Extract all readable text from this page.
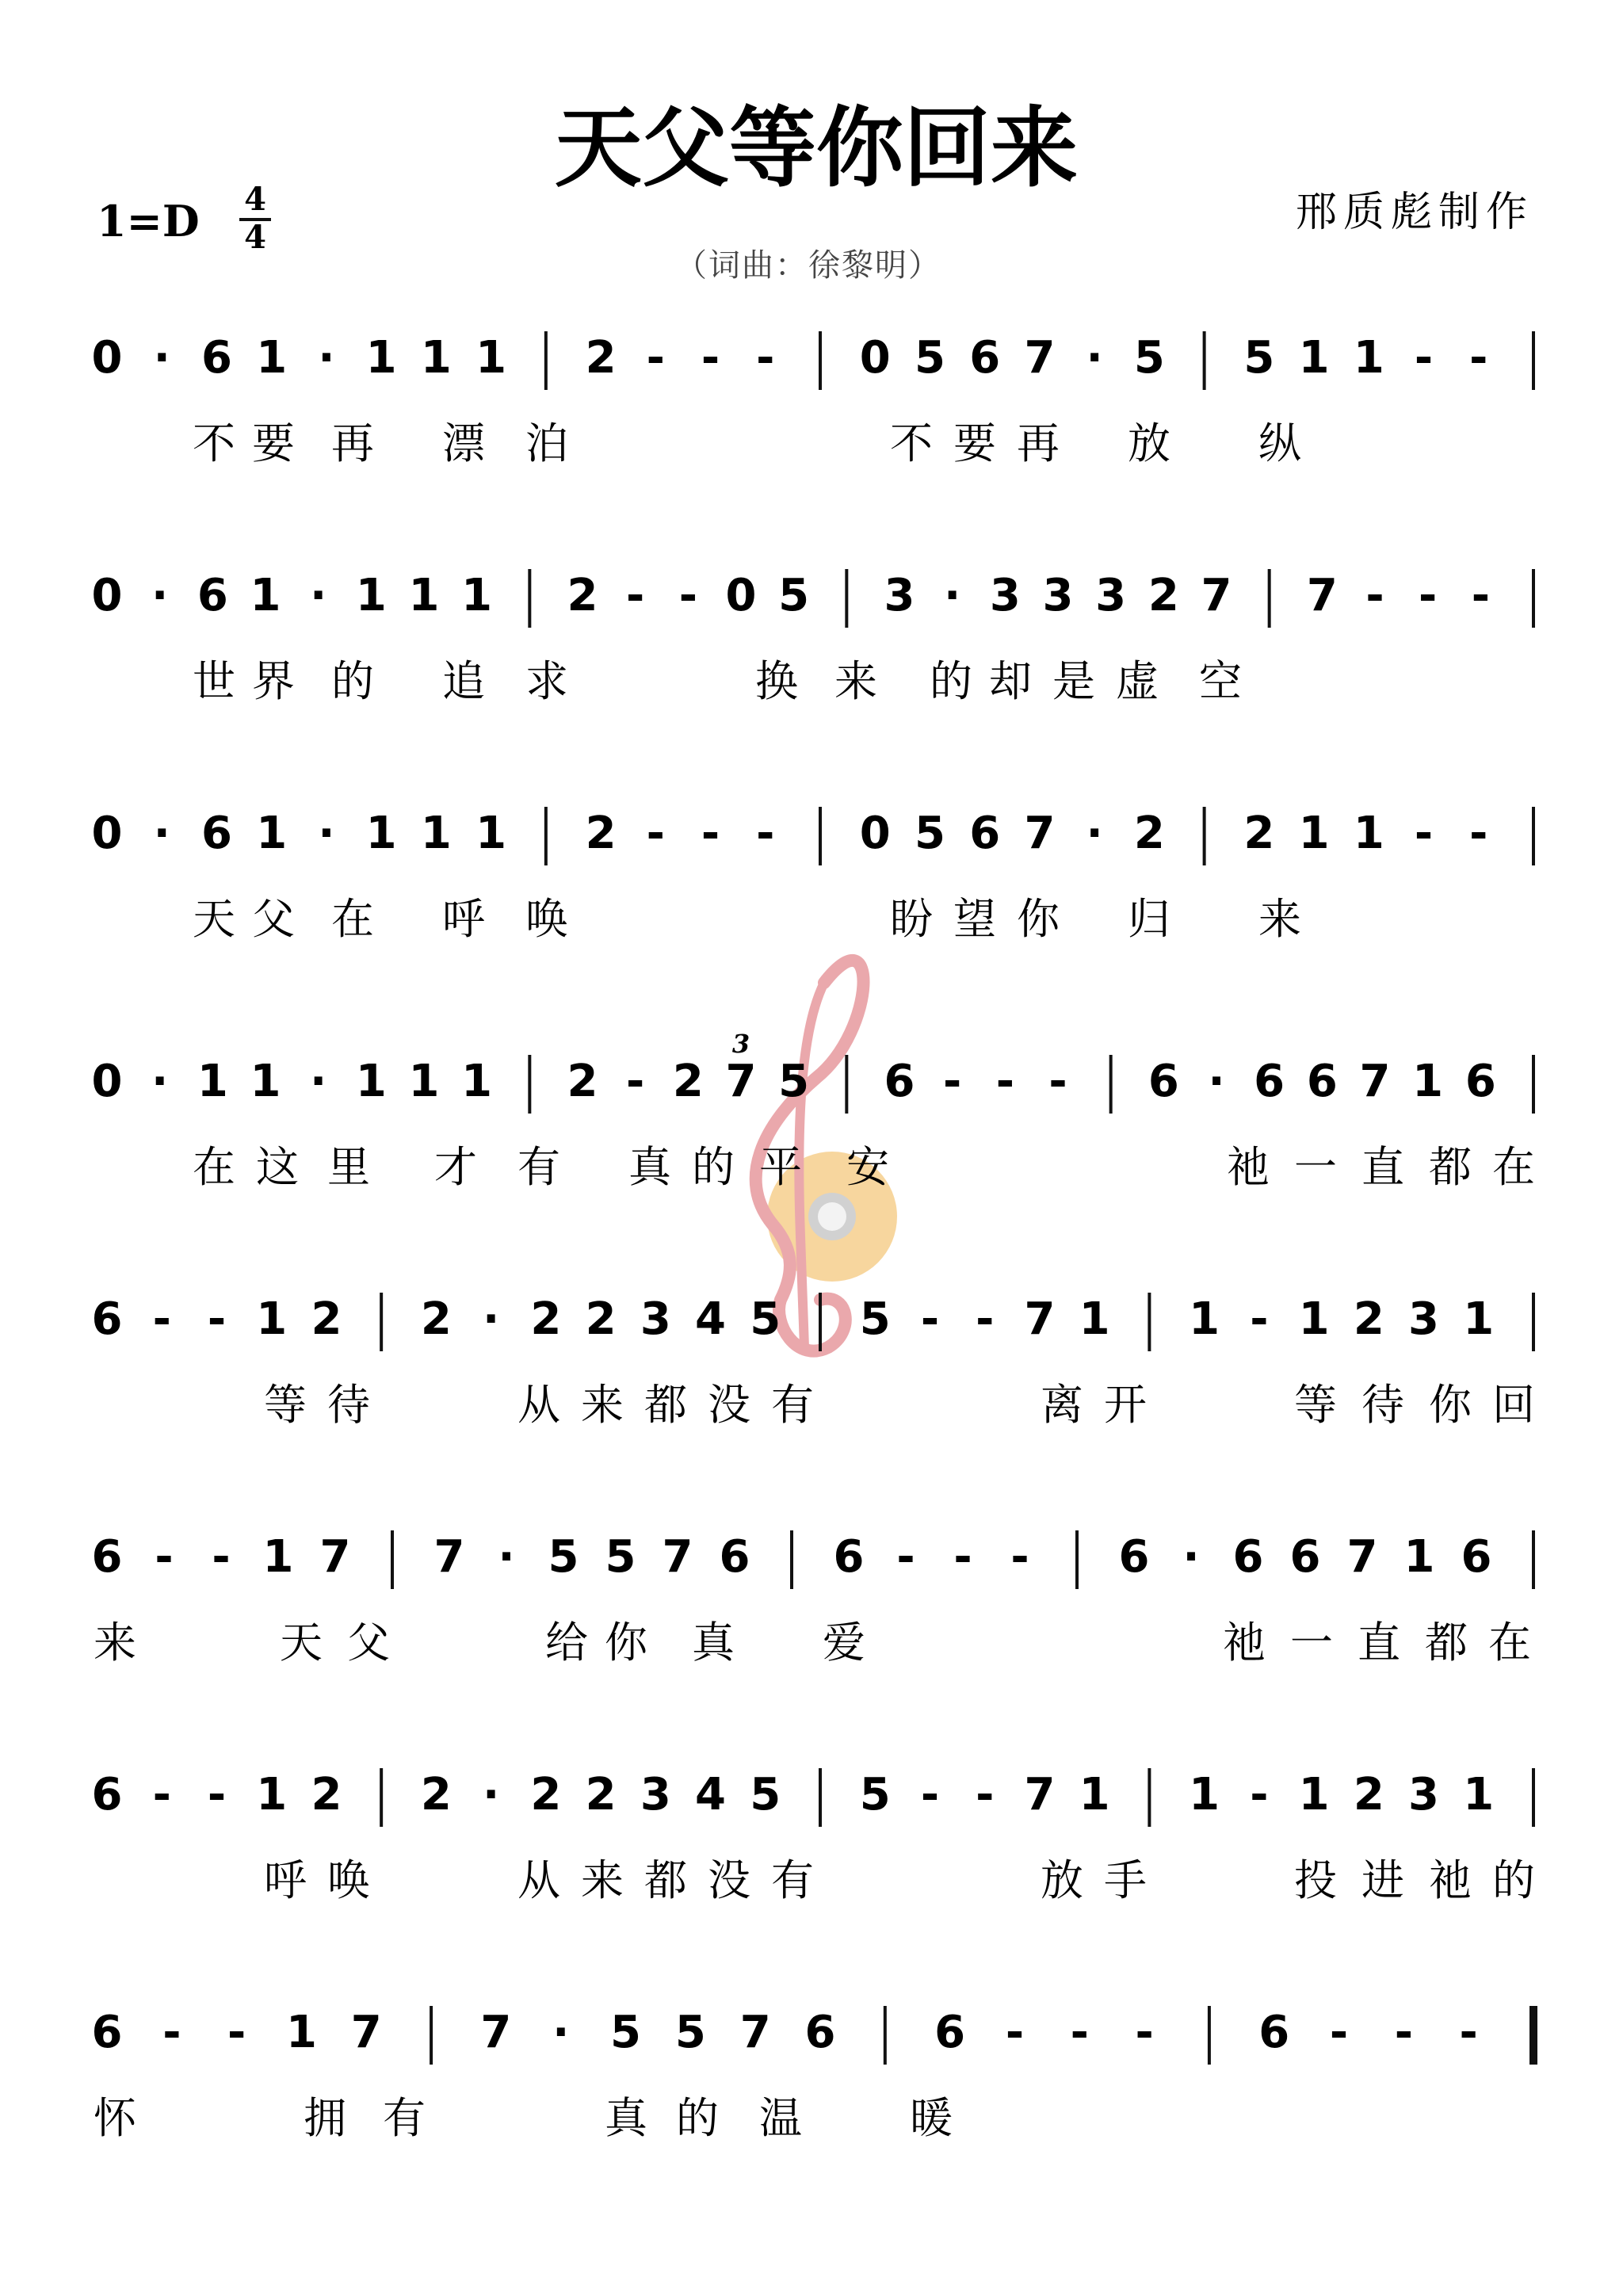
天父等你回来
1=D 4
4
邢质彪制作
（词曲：徐黎明）
0 · 6 1 · 1 1 1 2 - - - 0 5 6 7 · 5 5 1 1 - -
不 要 再 漂 泊	不 要 再 放 纵
0 · 6 1 · 1 1 1 2 - - 0 5 3 · 3 3 3 2 7 7 - - -
世 界 的 追 求	换 来 的 却 是 虚 空
0 · 6 1 · 1 1 1 2 - - - 0 5 6 7 · 2 2 1 1 - -
天 父 在 呼 唤	盼 望 你 归 来
0 · 1 1 · 1 1 1 2 - 2 7 5 6 - - - 6 · 6 6 7 1 6
3
在 这 里 才 有 真 的 平 安	祂 一 直 都 在
6 - - 1 2 2 · 2 2 3 4 5 5 - - 7 1 1 - 1 2 3 1
等 待	从 来 都 没 有	离 开	等 待 你 回
6 - - 1 7 7 · 5 5 7 6 6 - - - 6 · 6 6 7 1 6
来	天 父	给 你 真 爱	祂 一 直 都 在
6 - - 1 2 2 · 2 2 3 4 5 5 - - 7 1 1 - 1 2 3 1
呼 唤	从 来 都 没 有	放 手	投 进 祂 的
6 - - 1 7 7 · 5 5 7 6 6 - - - 6 - - -
怀	拥 有	真 的 温	暖
